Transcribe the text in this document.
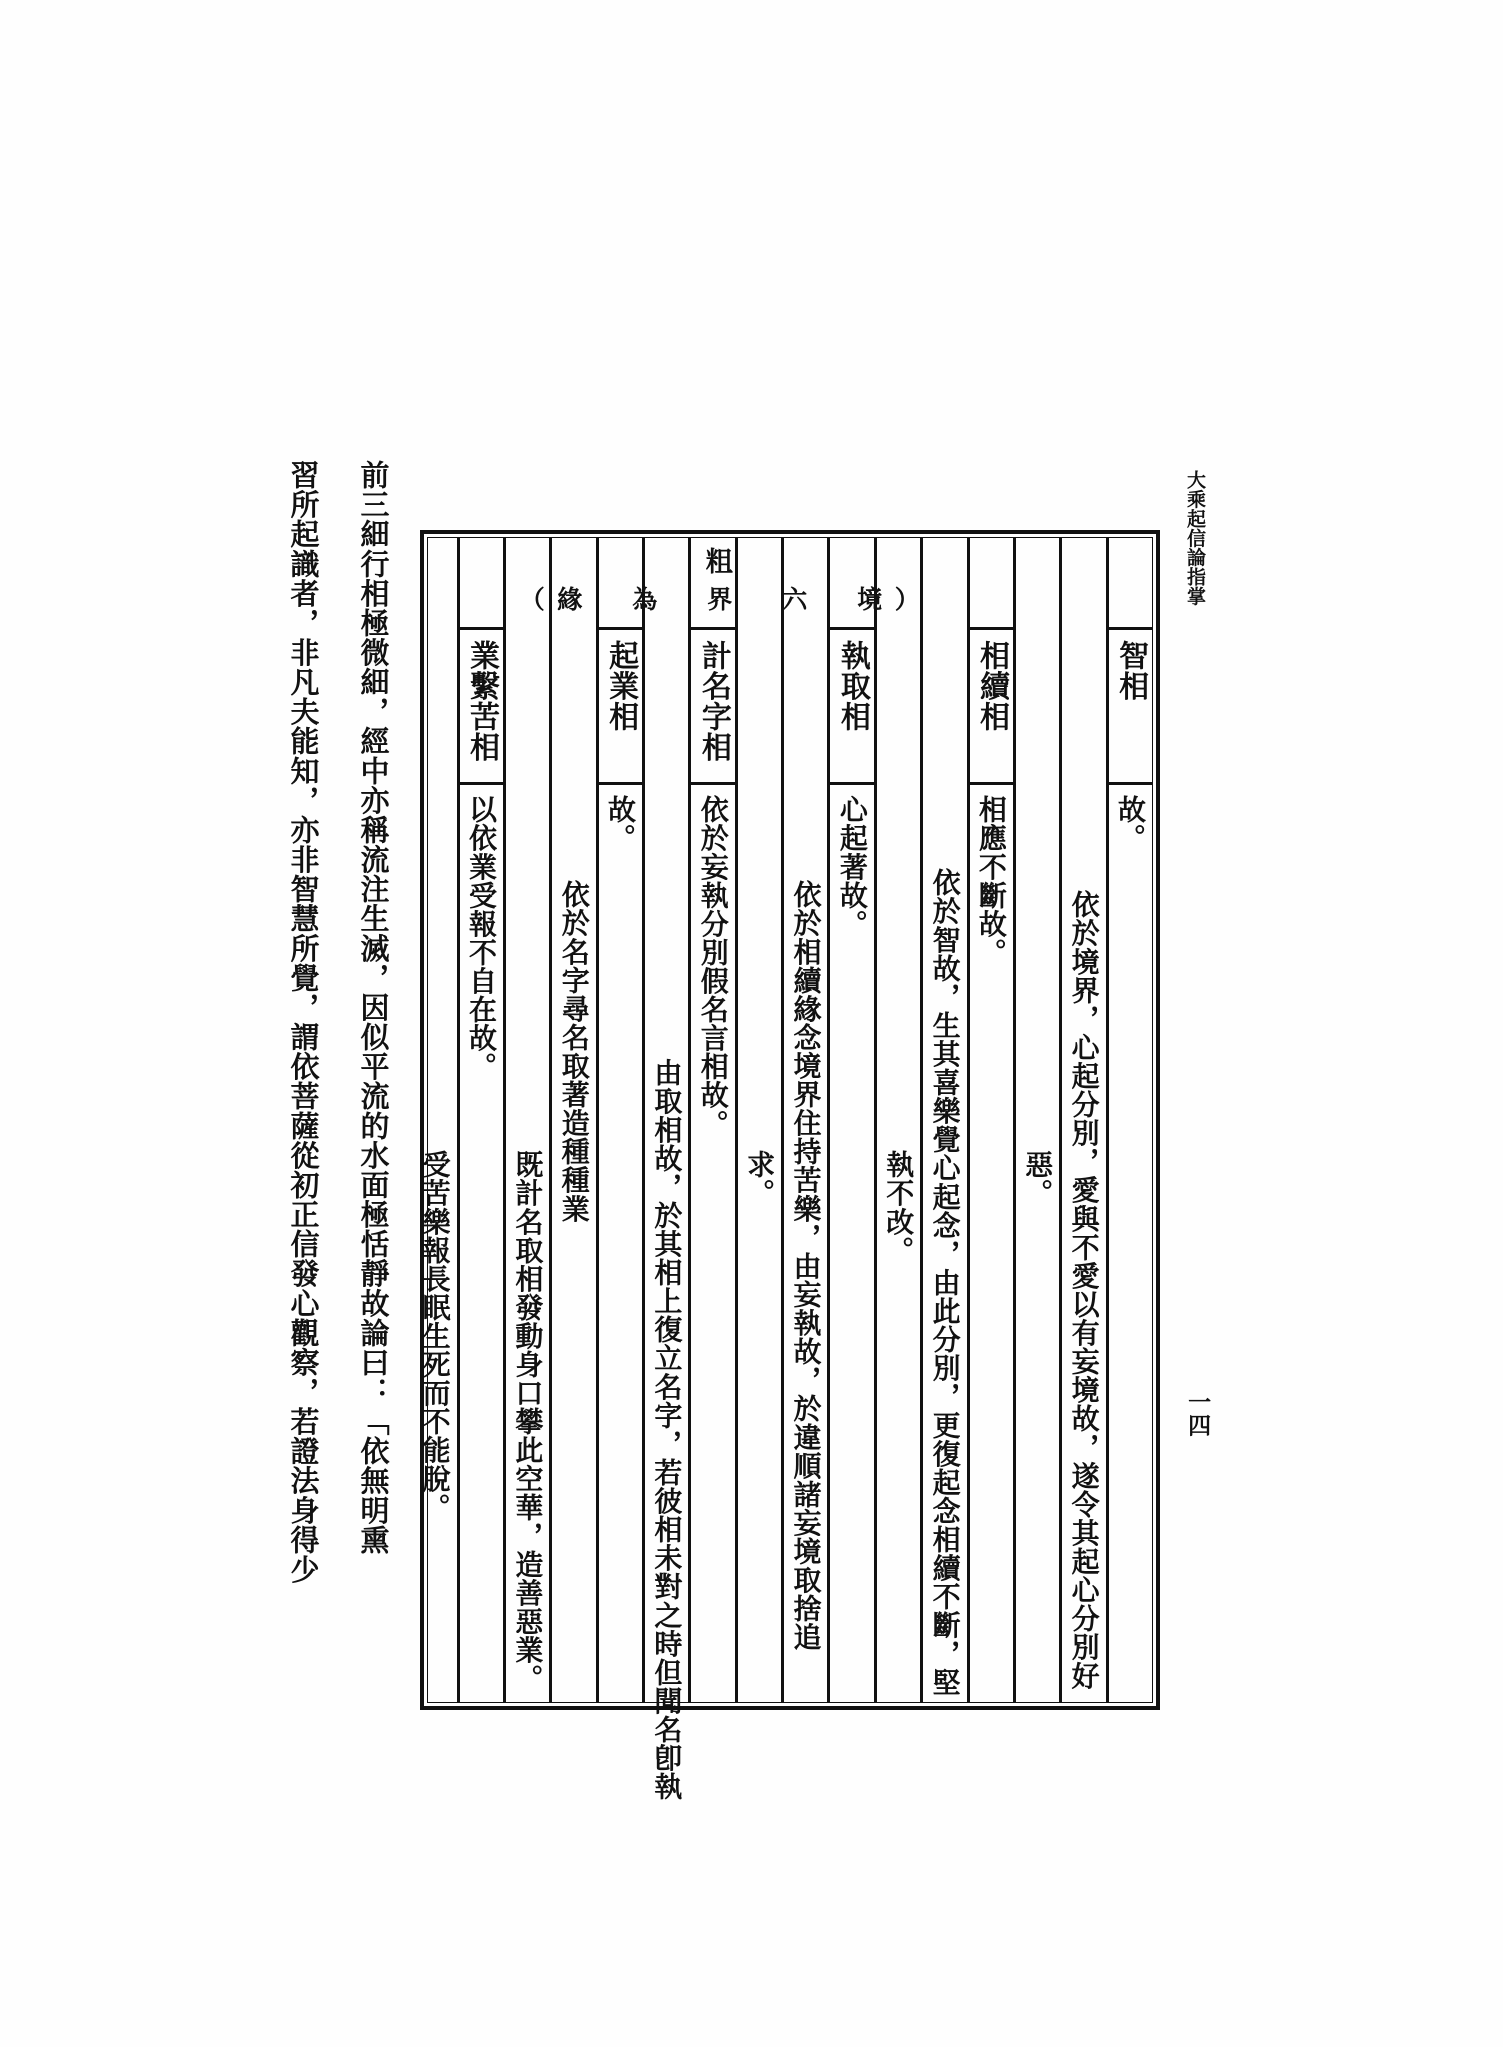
大乘起信論指掌
一四
智相
故。
依於境界，心起分別，愛與不愛以有妄境故，遂令其起心分別好
惡。
相續相
相應不斷故。
依於智故，生其喜樂覺心起念，由此分別，更復起念相續不斷，堅
執不改。
執取相
心起著故。
依於相續緣念境界住持苦樂，由妄執故，於違順諸妄境取捨追
求。
計名字相
依於妄執分別假名言相故。
由取相故，於其相上復立名字，若彼相未對之時但聞名卽執
起業相
故。
依於名字尋名取著造種種業
既計名取相發動身口攀此空華，造善惡業。
業繫苦相
以依業受報不自在故。
受苦樂報長眠生死而不能脫。
粗
（緣　為　界　六　境）
前三細行相極微細，經中亦稱流注生滅，因似平流的水面極恬靜故論曰：「依無明熏
習所起識者，非凡夫能知，亦非智慧所覺，謂依菩薩從初正信發心觀察，若證法身得少
